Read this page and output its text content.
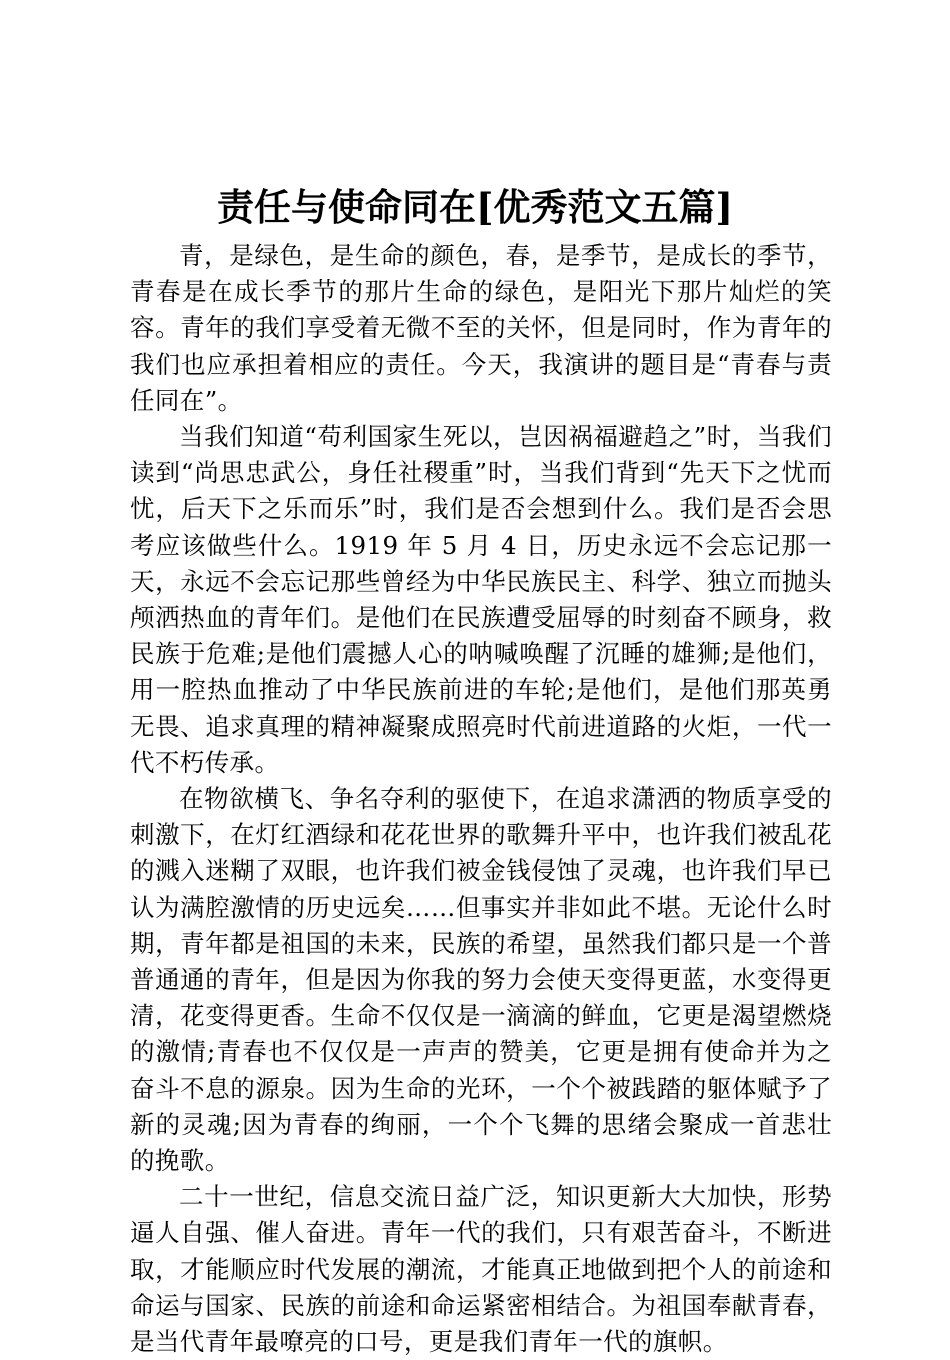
责任与使命同在[优秀范文五篇]

青，是绿色，是生命的颜色，春，是季节，是成长的季节，青春是在成长季节的那片生命的绿色，是阳光下那片灿烂的笑容。青年的我们享受着无微不至的关怀，但是同时，作为青年的我们也应承担着相应的责任。今天，我演讲的题目是“青春与责任同在”。

当我们知道“苟利国家生死以，岂因祸福避趋之”时，当我们读到“尚思忠武公，身任社稷重”时，当我们背到“先天下之忧而忧，后天下之乐而乐”时，我们是否会想到什么。我们是否会思考应该做些什么。1919 年 5 月 4 日，历史永远不会忘记那一天，永远不会忘记那些曾经为中华民族民主、科学、独立而抛头颅洒热血的青年们。是他们在民族遭受屈辱的时刻奋不顾身，救民族于危难;是他们震撼人心的呐喊唤醒了沉睡的雄狮;是他们，用一腔热血推动了中华民族前进的车轮;是他们，是他们那英勇无畏、追求真理的精神凝聚成照亮时代前进道路的火炬，一代一代不朽传承。

在物欲横飞、争名夺利的驱使下，在追求潇洒的物质享受的刺激下，在灯红酒绿和花花世界的歌舞升平中，也许我们被乱花的溅入迷糊了双眼，也许我们被金钱侵蚀了灵魂，也许我们早已认为满腔激情的历史远矣……但事实并非如此不堪。无论什么时期，青年都是祖国的未来，民族的希望，虽然我们都只是一个普普通通的青年，但是因为你我的努力会使天变得更蓝，水变得更清，花变得更香。生命不仅仅是一滴滴的鲜血，它更是渴望燃烧的激情;青春也不仅仅是一声声的赞美，它更是拥有使命并为之奋斗不息的源泉。因为生命的光环，一个个被践踏的躯体赋予了新的灵魂;因为青春的绚丽，一个个飞舞的思绪会聚成一首悲壮的挽歌。

二十一世纪，信息交流日益广泛，知识更新大大加快，形势逼人自强、催人奋进。青年一代的我们，只有艰苦奋斗，不断进取，才能顺应时代发展的潮流，才能真正地做到把个人的前途和命运与国家、民族的前途和命运紧密相结合。为祖国奉献青春，是当代青年最嘹亮的口号，更是我们青年一代的旗帜。
